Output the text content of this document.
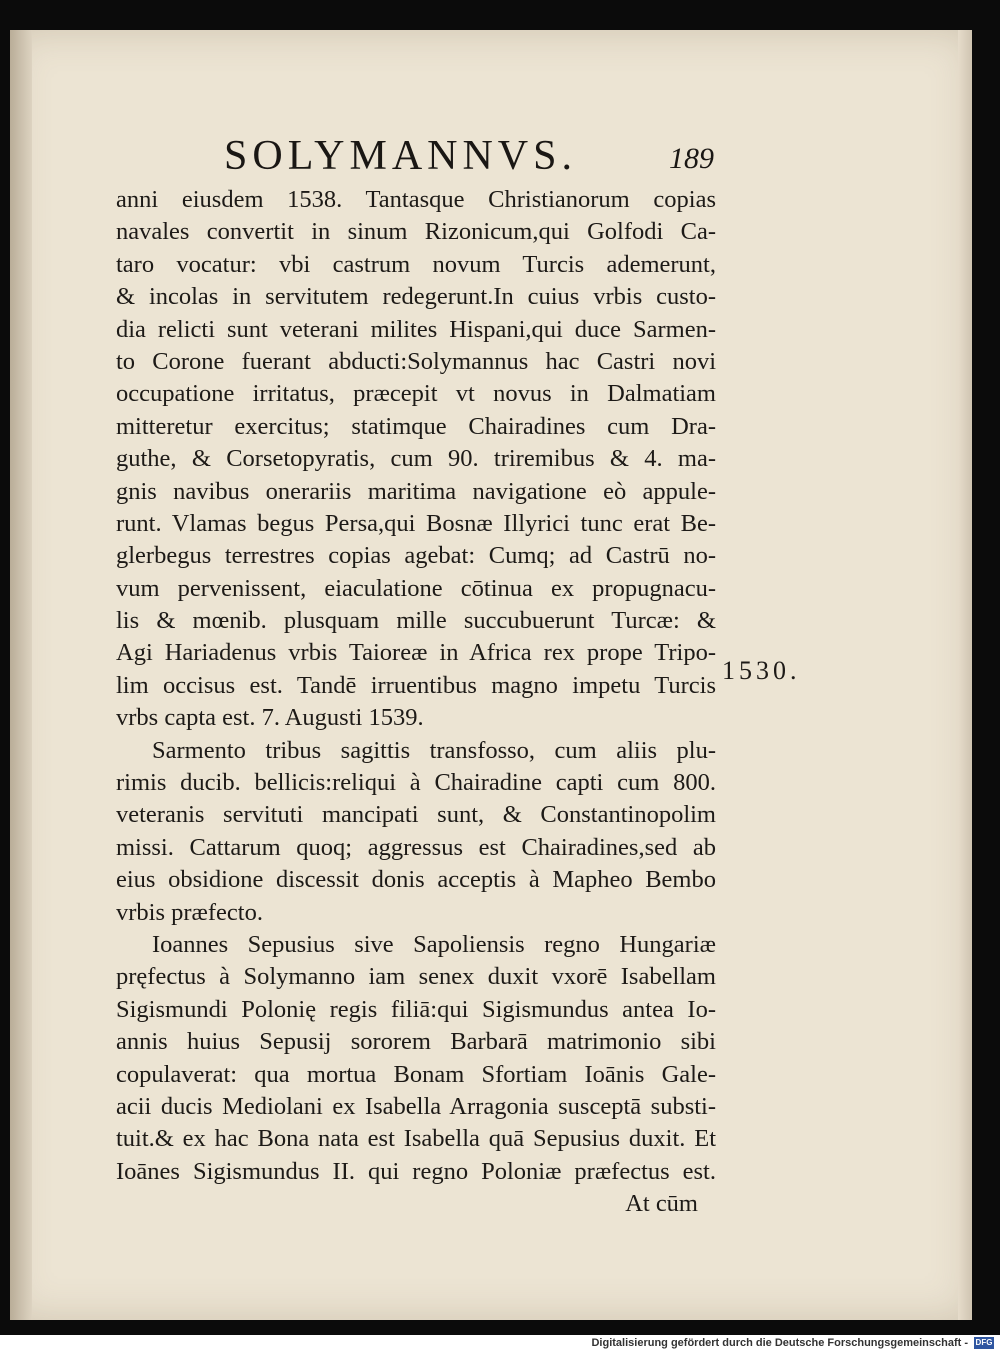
SOLYMANNVS.	189
anni eiusdem 1538. Tantasque Christianorum copias
navales convertit in sinum Rizonicum,qui Golfodi Ca-
taro vocatur: vbi castrum novum Turcis ademerunt,
& incolas in servitutem redegerunt.In cuius vrbis custo-
dia relicti sunt veterani milites Hispani,qui duce Sarmen-
to Corone fuerant abducti:Solymannus hac Castri novi
occupatione irritatus, præcepit vt novus in Dalmatiam
mitteretur exercitus; statimque Chairadines cum Dra-
guthe, & Corsetopyratis, cum 90. triremibus & 4. ma-
gnis navibus onerariis maritima navigatione eò appule-
runt. Vlamas begus Persa,qui Bosnæ Illyrici tunc erat Be-
glerbegus terrestres copias agebat: Cumq; ad Castrū no-
vum pervenissent, eiaculatione cōtinua ex propugnacu-
lis & mœnib. plusquam mille succubuerunt Turcæ: &
Agi Hariadenus vrbis Taioreæ in Africa rex prope Tripo-
lim occisus est. Tandē irruentibus magno impetu Turcis
vrbs capta est. 7. Augusti 1539.
Sarmento tribus sagittis transfosso, cum aliis plu-
rimis ducib. bellicis:reliqui à Chairadine capti cum 800.
veteranis servituti mancipati sunt, & Constantinopolim
missi. Cattarum quoq; aggressus est Chairadines,sed ab
eius obsidione discessit donis acceptis à Mapheo Bembo
vrbis præfecto.
Ioannes Sepusius sive Sapoliensis regno Hungariæ
pręfectus à Solymanno iam senex duxit vxorē Isabellam
Sigismundi Polonię regis filiā:qui Sigismundus antea Io-
annis huius Sepusij sororem Barbarā matrimonio sibi
copulaverat: qua mortua Bonam Sfortiam Ioānis Gale-
acii ducis Mediolani ex Isabella Arragonia susceptā substi-
tuit.& ex hac Bona nata est Isabella quā Sepusius duxit. Et
Ioānes Sigismundus II. qui regno Poloniæ præfectus est.
At cūm
1530.
Digitalisierung gefördert durch die Deutsche Forschungsgemeinschaft - DFG
